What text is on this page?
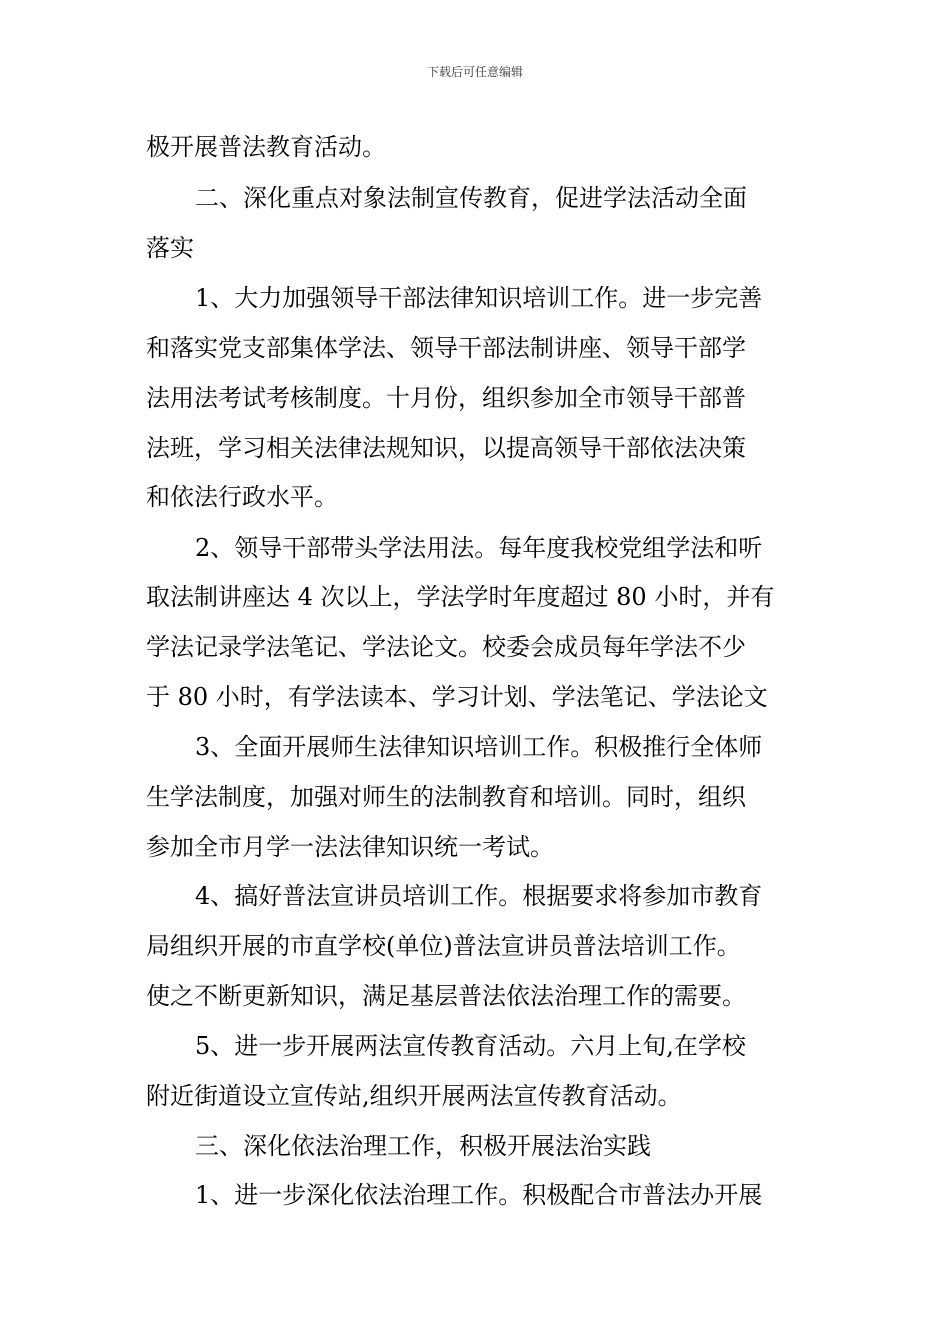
下载后可任意编辑
极开展普法教育活动。
二、深化重点对象法制宣传教育，促进学法活动全面
落实
1、大力加强领导干部法律知识培训工作。进一步完善
和落实党支部集体学法、领导干部法制讲座、领导干部学
法用法考试考核制度。十月份，组织参加全市领导干部普
法班，学习相关法律法规知识，以提高领导干部依法决策
和依法行政水平。
2、领导干部带头学法用法。每年度我校党组学法和听
取法制讲座达 4 次以上，学法学时年度超过 80 小时，并有
学法记录学法笔记、学法论文。校委会成员每年学法不少
于 80 小时，有学法读本、学习计划、学法笔记、学法论文
3、全面开展师生法律知识培训工作。积极推行全体师
生学法制度，加强对师生的法制教育和培训。同时，组织
参加全市月学一法法律知识统一考试。
4、搞好普法宣讲员培训工作。根据要求将参加市教育
局组织开展的市直学校(单位)普法宣讲员普法培训工作。
使之不断更新知识，满足基层普法依法治理工作的需要。
5、进一步开展两法宣传教育活动。六月上旬,在学校
附近街道设立宣传站,组织开展两法宣传教育活动。
三、深化依法治理工作，积极开展法治实践
1、进一步深化依法治理工作。积极配合市普法办开展
